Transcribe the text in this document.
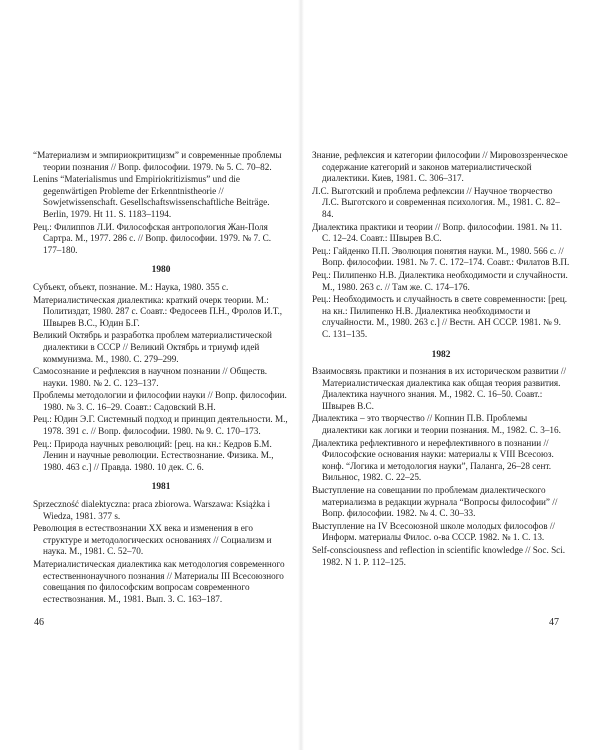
“Материализм и эмпириокритицизм” и современные проблемы теории познания // Вопр. философии. 1979. № 5. С. 70–82.
Lenins “Materialismus und Empiriokritizismus” und die gegenwärtigen Probleme der Erkenntnistheorie // Sowjetwissenschaft. Gesellschaftswissenschaftliche Beiträge. Berlin, 1979. Ht 11. S. 1183–1194.
Рец.: Филиппов Л.И. Философская антропология Жан-Поля Сартра. М., 1977. 286 с. // Вопр. философии. 1979. № 7. С. 177–180.
1980
Субъект, объект, познание. М.: Наука, 1980. 355 с.
Материалистическая диалектика: краткий очерк теории. М.: Политиздат, 1980. 287 с. Соавт.: Федосеев П.Н., Фролов И.Т., Швырев В.С., Юдин Б.Г.
Великий Октябрь и разработка проблем материалистической диалектики в СССР // Великий Октябрь и триумф идей коммунизма. М., 1980. С. 279–299.
Самосознание и рефлексия в научном познании // Общеcтв. науки. 1980. № 2. С. 123–137.
Проблемы методологии и философии науки // Вопр. философии. 1980. № 3. С. 16–29. Соавт.: Садовский В.Н.
Рец.: Юдин Э.Г. Системный подход и принцип деятельности. М., 1978. 391 с. // Вопр. философии. 1980. № 9. С. 170–173.
Рец.: Природа научных революций: [рец. на кн.: Кедров Б.М. Ленин и научные революции. Естествознание. Физика. М., 1980. 463 с.] // Правда. 1980. 10 дек. С. 6.
1981
Sprzeczność dialektyczna: praca zbiorowa. Warszawa: Książka i Wiedza, 1981. 377 s.
Революция в естествознании XX века и изменения в его структуре и методологических основаниях // Социализм и наука. М., 1981. С. 52–70.
Материалистическая диалектика как методология современного естественнонаучного познания // Материалы III Всесоюзного совещания по философским вопросам современного естествознания. М., 1981. Вып. 3. С. 163–187.
Знание, рефлексия и категории философии // Мировоззренческое содержание категорий и законов материалистической диалектики. Киев, 1981. С. 306–317.
Л.С. Выготский и проблема рефлексии // Научное творчество Л.С. Выготского и современная психология. М., 1981. С. 82–84.
Диалектика практики и теории // Вопр. философии. 1981. № 11. С. 12–24. Соавт.: Швырев В.С.
Рец.: Гайденко П.П. Эволюция понятия науки. М., 1980. 566 с. // Вопр. философии. 1981. № 7. С. 172–174. Соавт.: Филатов В.П.
Рец.: Пилипенко Н.В. Диалектика необходимости и случайности. М., 1980. 263 с. // Там же. С. 174–176.
Рец.: Необходимость и случайность в свете современности: [рец. на кн.: Пилипенко Н.В. Диалектика необходимости и случайности. М., 1980. 263 с.] // Вестн. АН СССР. 1981. № 9. С. 131–135.
1982
Взаимосвязь практики и познания в их историческом развитии // Материалистическая диалектика как общая теория развития. Диалектика научного знания. М., 1982. С. 16–50. Соавт.: Швырев В.С.
Диалектика – это творчество // Копнин П.В. Проблемы диалектики как логики и теории познания. М., 1982. С. 3–16.
Диалектика рефлективного и нерефлективного в познании // Философские основания науки: материалы к VIII Всесоюз. конф. “Логика и методология науки”, Паланга, 26–28 сент. Вильнюс, 1982. С. 22–25.
Выступление на совещании по проблемам диалектического материализма в редакции журнала “Вопросы философии” // Вопр. философии. 1982. № 4. С. 30–33.
Выступление на IV Всесоюзной школе молодых философов // Информ. материалы Филос. о-ва СССР. 1982. № 1. С. 13.
Self-consciousness and reflection in scientific knowledge // Soc. Sci. 1982. N 1. P. 112–125.
46	47
